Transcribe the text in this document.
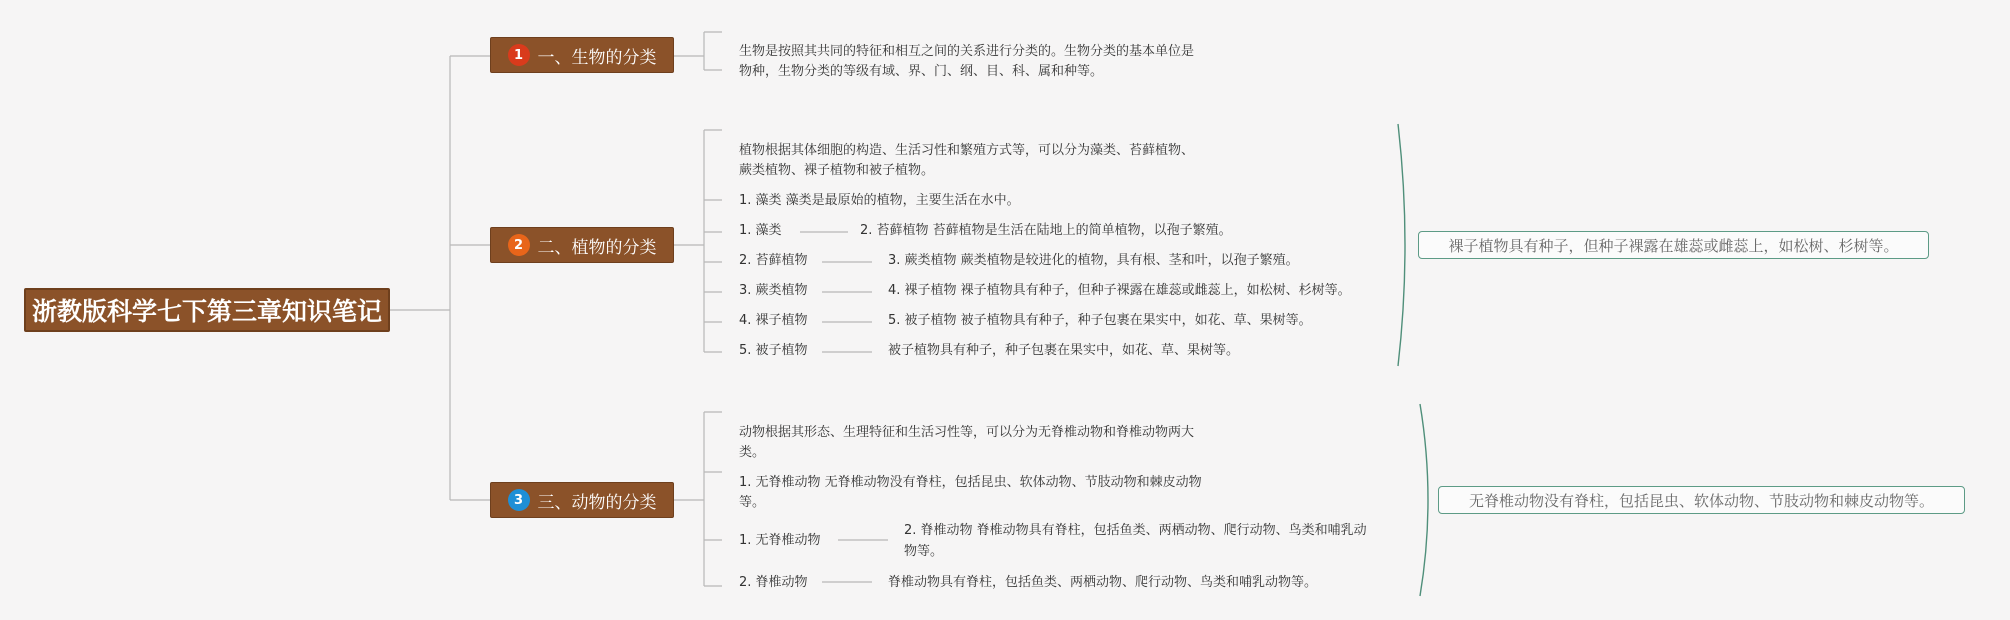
浙教版科学七下第三章知识笔记
1 一、生物的分类	生物是按照其共同的特征和相互之间的关系进行分类的。生物分类的基本单位是
物种，生物分类的等级有域、界、门、纲、目、科、属和种等。
2 二、植物的分类
植物根据其体细胞的构造、生活习性和繁殖方式等，可以分为藻类、苔藓植物、
蕨类植物、裸子植物和被子植物。
1. 藻类 藻类是最原始的植物，主要生活在水中。
1. 藻类	2. 苔藓植物 苔藓植物是生活在陆地上的简单植物，以孢子繁殖。
2. 苔藓植物	3. 蕨类植物 蕨类植物是较进化的植物，具有根、茎和叶，以孢子繁殖。
3. 蕨类植物	4. 裸子植物 裸子植物具有种子，但种子裸露在雄蕊或雌蕊上，如松树、杉树等。
4. 裸子植物	5. 被子植物 被子植物具有种子，种子包裹在果实中，如花、草、果树等。
5. 被子植物	被子植物具有种子，种子包裹在果实中，如花、草、果树等。
裸子植物具有种子，但种子裸露在雄蕊或雌蕊上，如松树、杉树等。
3 三、动物的分类
动物根据其形态、生理特征和生活习性等，可以分为无脊椎动物和脊椎动物两大
类。
1. 无脊椎动物 无脊椎动物没有脊柱，包括昆虫、软体动物、节肢动物和棘皮动物
等。
1. 无脊椎动物
2. 脊椎动物 脊椎动物具有脊柱，包括鱼类、两栖动物、爬行动物、鸟类和哺乳动
物等。
2. 脊椎动物	脊椎动物具有脊柱，包括鱼类、两栖动物、爬行动物、鸟类和哺乳动物等。
无脊椎动物没有脊柱，包括昆虫、软体动物、节肢动物和棘皮动物等。
